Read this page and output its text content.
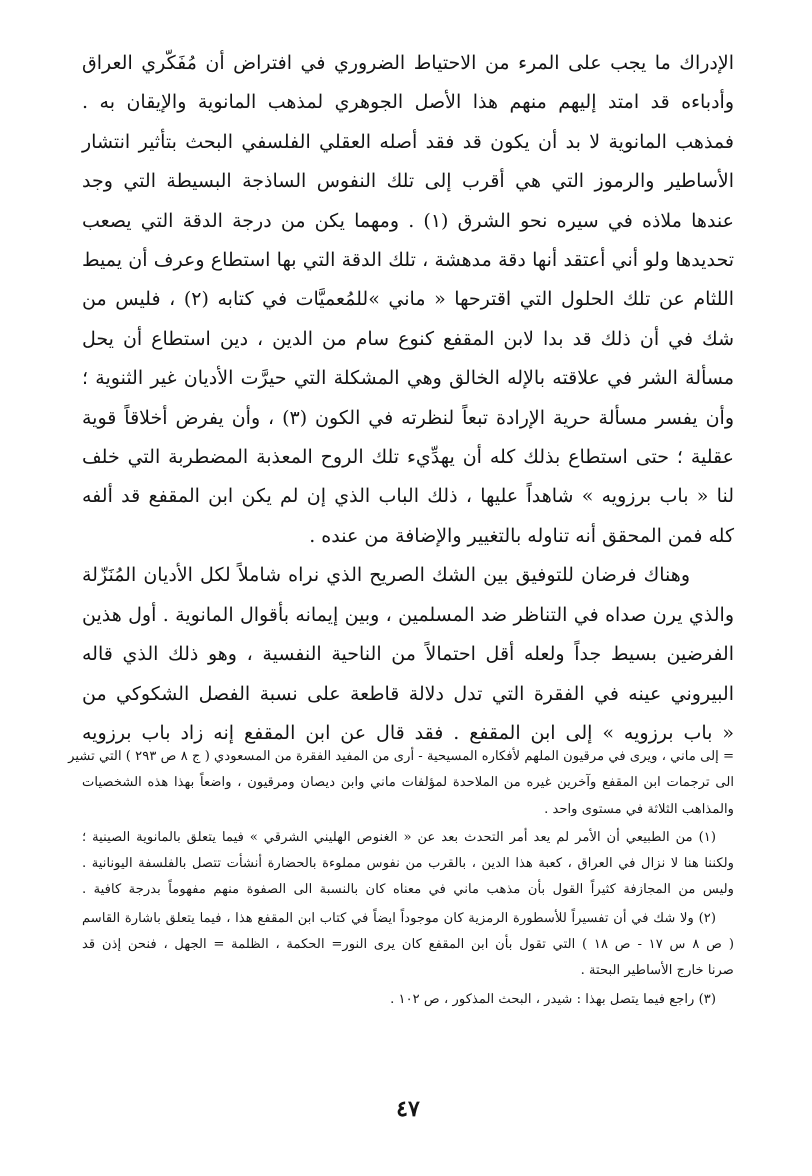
الإدراك ما يجب على المرء من الاحتياط الضروري في افتراض أن مُفَكّري العراق
وأدباءه قد امتد إليهم منهم هذا الأصل الجوهري لمذهب المانوية والإيقان به .
فمذهب المانوية لا بد أن يكون قد فقد أصله العقلي الفلسفي البحث بتأثير انتشار
الأساطير والرموز التي هي أقرب إلى تلك النفوس الساذجة البسيطة التي وجد
عندها ملاذه في سيره نحو الشرق (١) . ومهما يكن من درجة الدقة التي يصعب
تحديدها ولو أني أعتقد أنها دقة مدهشة ، تلك الدقة التي بها استطاع وعرف أن يميط
اللثام عن تلك الحلول التي اقترحها « ماني »للمُعميَّات في كتابه (٢) ، فليس من
شك في أن ذلك قد بدا لابن المقفع كنوع سام من الدين ، دين استطاع أن يحل
مسألة الشر في علاقته بالإله الخالق وهي المشكلة التي حيرَّت الأديان غير الثنوية ؛
وأن يفسر مسألة حرية الإرادة تبعاً لنظرته في الكون (٣) ، وأن يفرض أخلاقاً قوية
عقلية ؛ حتى استطاع بذلك كله أن يهدِّيء تلك الروح المعذبة المضطربة التي خلف
لنا « باب برزويه » شاهداً عليها ، ذلك الباب الذي إن لم يكن ابن المقفع قد ألفه
كله فمن المحقق أنه تناوله بالتغيير والإضافة من عنده .
وهناك فرضان للتوفيق بين الشك الصريح الذي نراه شاملاً لكل الأديان المُنَزّلة
والذي يرن صداه في التناظر ضد المسلمين ، وبين إيمانه بأقوال المانوية . أول هذين
الفرضين بسيط جداً ولعله أقل احتمالاً من الناحية النفسية ، وهو ذلك الذي قاله
البيروني عينه في الفقرة التي تدل دلالة قاطعة على نسبة الفصل الشكوكي من
« باب برزويه » إلى ابن المقفع . فقد قال عن ابن المقفع إنه زاد باب برزويه
= إلى ماني ، ويرى في مرقيون الملهم لأفكاره المسيحية - أرى من المفيد الفقرة من المسعودي ( ج ٨ ص ٢٩٣ ) التي تشير
الى ترجمات ابن المقفع وآخرين غيره من الملاحدة لمؤلفات ماني وابن ديصان ومرقيون ، واضعاً بهذا هذه الشخصيات
والمذاهب الثلاثة في مستوى واحد .
(١) من الطبيعي أن الأمر لم يعد أمر التحدث بعد عن « الغنوص الهليني الشرقي » فيما يتعلق بالمانوية الصينية ؛
ولكننا هنا لا نزال في العراق ، كعبة هذا الدين ، بالقرب من نفوس مملوءة بالحضارة أنشأت تتصل بالفلسفة اليونانية .
وليس من المجازفة كثيراً القول بأن مذهب ماني في معناه كان بالنسبة الى الصفوة منهم مفهوماً بدرجة كافية .
(٢) ولا شك في أن تفسيراً للأسطورة الرمزية كان موجوداً ايضاً في كتاب ابن المقفع هذا ، فيما يتعلق باشارة القاسم
( ص ٨ س ١٧ - ص ١٨ ) التي تقول بأن ابن المقفع كان يرى النور= الحكمة ، الظلمة = الجهل ، فنحن إذن قد
صرنا خارج الأساطير البحتة .
(٣) راجع فيما يتصل بهذا : شيدر ، البحث المذكور ، ص ١٠٢ .
٤٧
